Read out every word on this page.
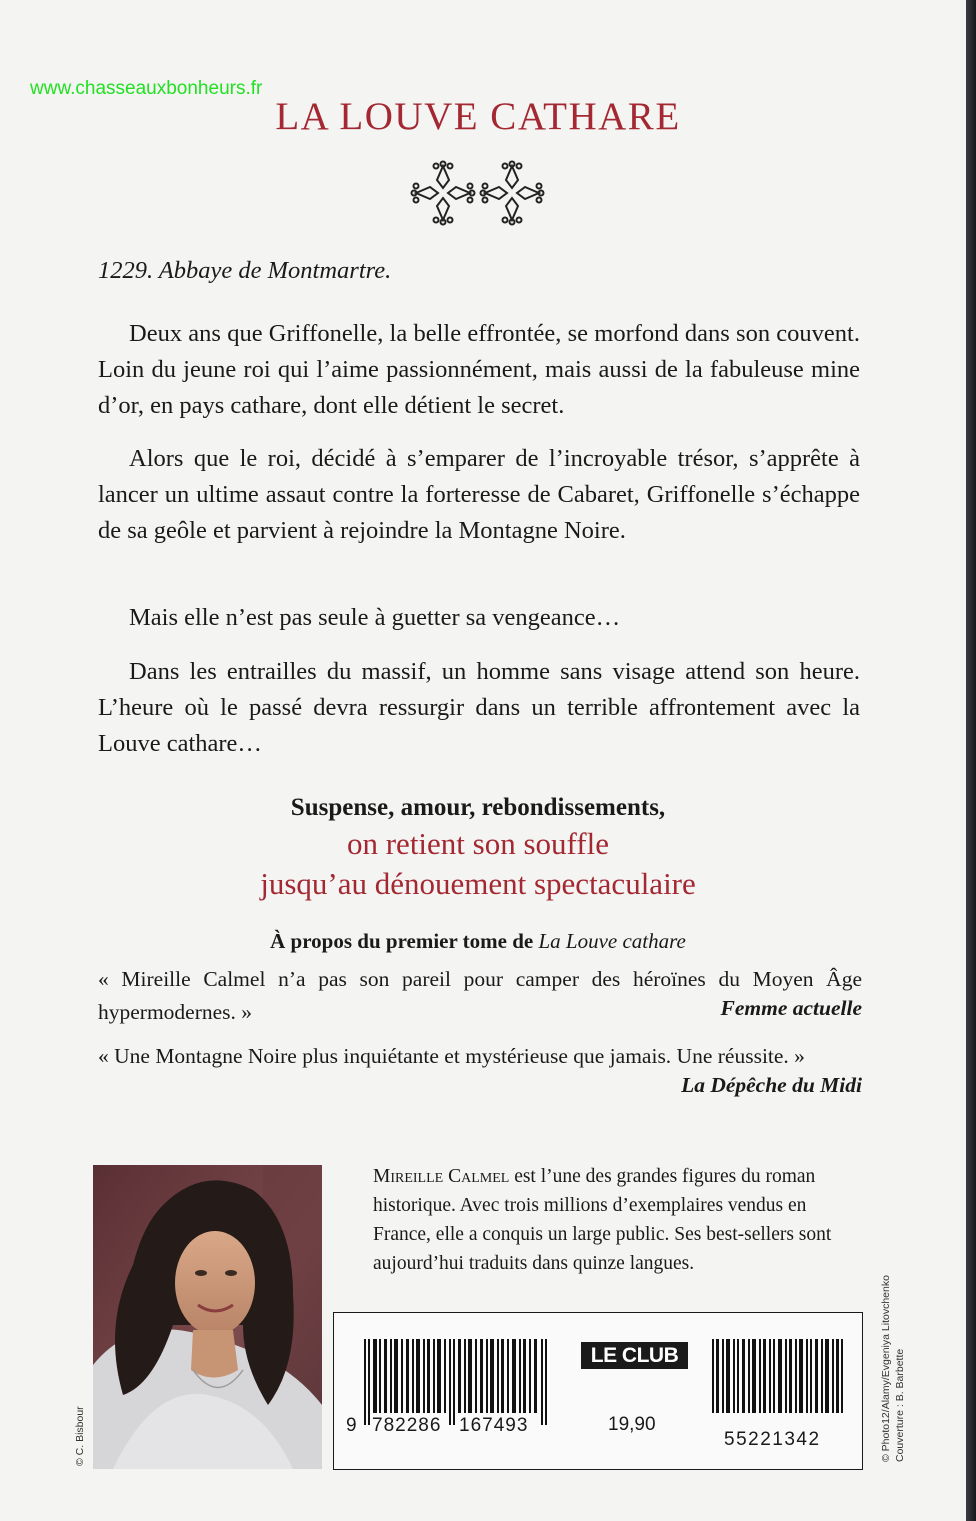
www.chasseauxbonheurs.fr
LA LOUVE CATHARE
1229. Abbaye de Montmartre.

Deux ans que Griffonelle, la belle effrontée, se morfond dans son couvent. Loin du jeune roi qui l’aime passionnément, mais aussi de la fabuleuse mine d’or, en pays cathare, dont elle détient le secret.

Alors que le roi, décidé à s’emparer de l’incroyable trésor, s’apprête à lancer un ultime assaut contre la forteresse de Cabaret, Griffonelle s’échappe de sa geôle et parvient à rejoindre la Montagne Noire.

Mais elle n’est pas seule à guetter sa vengeance…

Dans les entrailles du massif, un homme sans visage attend son heure. L’heure où le passé devra ressurgir dans un terrible affrontement avec la Louve cathare…

Suspense, amour, rebondissements,
on retient son souffle
jusqu’au dénouement spectaculaire
À propos du premier tome de La Louve cathare

« Mireille Calmel n’a pas son pareil pour camper des héroïnes du Moyen Âge hypermodernes. »	Femme actuelle

« Une Montagne Noire plus inquiétante et mystérieuse que jamais. Une réussite. »

La Dépêche du Midi
© C. Bisbour

Mireille Calmel est l’une des grandes figures du roman historique. Avec trois millions d’exemplaires vendus en France, elle a conquis un large public. Ses best-sellers sont aujourd’hui traduits dans quinze langues.

9 782286 167493
55221342
LE CLUB
19,90	© Photo12/Alamy/Evgeniya Litovchenko Couverture : B. Barbette
